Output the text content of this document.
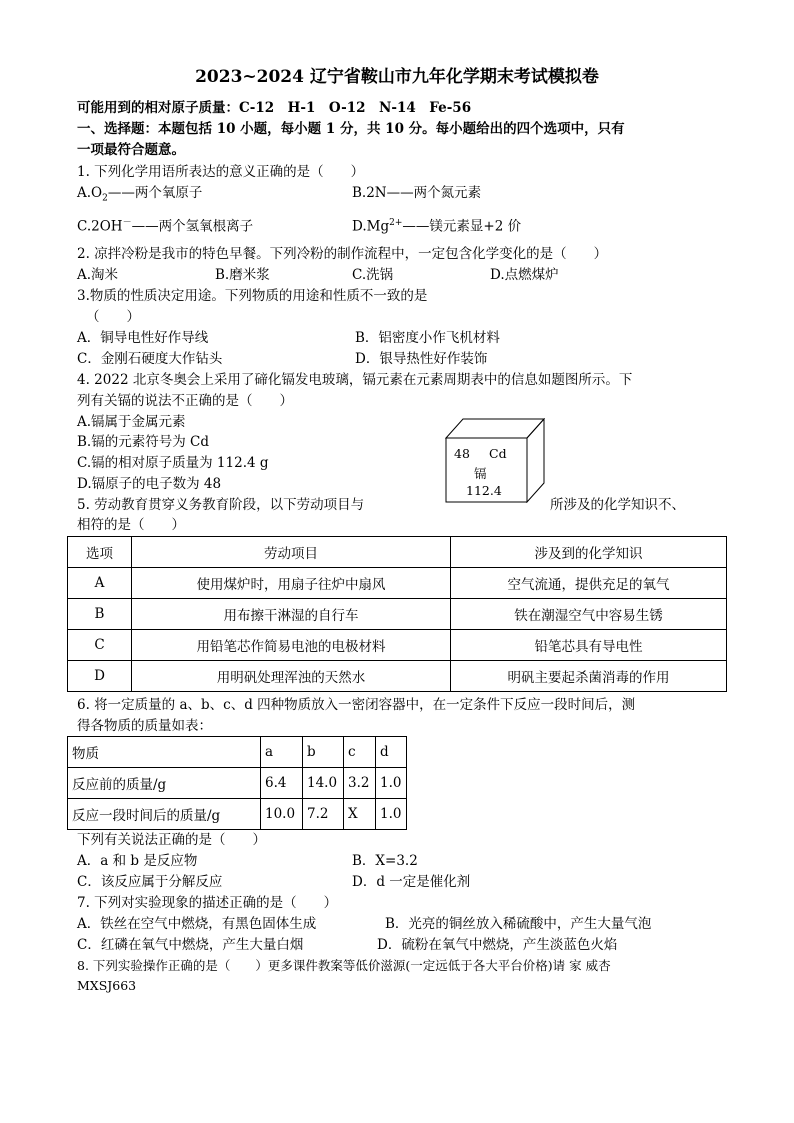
2023~2024 辽宁省鞍山市九年化学期末考试模拟卷
可能用到的相对原子质量：C-12　H-1　O-12　N-14　Fe-56
一、选择题：本题包括 10 小题，每小题 1 分，共 10 分。每小题给出的四个选项中，只有
一项最符合题意。
1. 下列化学用语所表达的意义正确的是（　　）
$A.O_2——$两个氧原子	B.2N——两个氮元素
C.2OH－——两个氢氧根离子	$D.Mg^{2+}——$镁元素显+2 价
2. 凉拌冷粉是我市的特色早餐。下列冷粉的制作流程中，一定包含化学变化的是（　　）
A.淘米	B.磨米浆	C.洗锅	D.点燃煤炉
3.物质的性质决定用途。下列物质的用途和性质不一致的是
（　　）
A．铜导电性好作导线	B．铝密度小作飞机材料
C．金刚石硬度大作钻头	D．银导热性好作装饰
4. 2022 北京冬奥会上采用了碲化镉发电玻璃，镉元素在元素周期表中的信息如题图所示。下
列有关镉的说法不正确的是（　　）
A.镉属于金属元素
B.镉的元素符号为 Cd
C.镉的相对原子质量为 112.4 g
D.镉原子的电子数为 48
48 Cd
镉
112.4
5. 劳动教育贯穿义务教育阶段，以下劳动项目与	所涉及的化学知识不、
相符的是（　　）
选项	劳动项目	涉及到的化学知识
A	使用煤炉时，用扇子往炉中扇风	空气流通，提供充足的氧气
B	用布擦干淋湿的自行车	铁在潮湿空气中容易生锈
C	用铅笔芯作简易电池的电极材料	铅笔芯具有导电性
D	用明矾处理浑浊的天然水	明矾主要起杀菌消毒的作用
6. 将一定质量的 a、b、c、d 四种物质放入一密闭容器中，在一定条件下反应一段时间后，测
得各物质的质量如表：
物质	a	b	c	d
反应前的质量/g	6.4	14.0	3.2	1.0
反应一段时间后的质量/g	10.0	7.2	X	1.0
下列有关说法正确的是（　　）
A．a 和 b 是反应物	B．X=3.2
C．该反应属于分解反应	D．d 一定是催化剂
7. 下列对实验现象的描述正确的是（　　）
A．铁丝在空气中燃烧，有黑色固体生成	B．光亮的铜丝放入稀硫酸中，产生大量气泡
C．红磷在氧气中燃烧，产生大量白烟	D．硫粉在氧气中燃烧，产生淡蓝色火焰
8. 下列实验操作正确的是（　　）更多课件教案等低价滋源(一定远低于各大平台价格)请 家 威杏
MXSJ663
